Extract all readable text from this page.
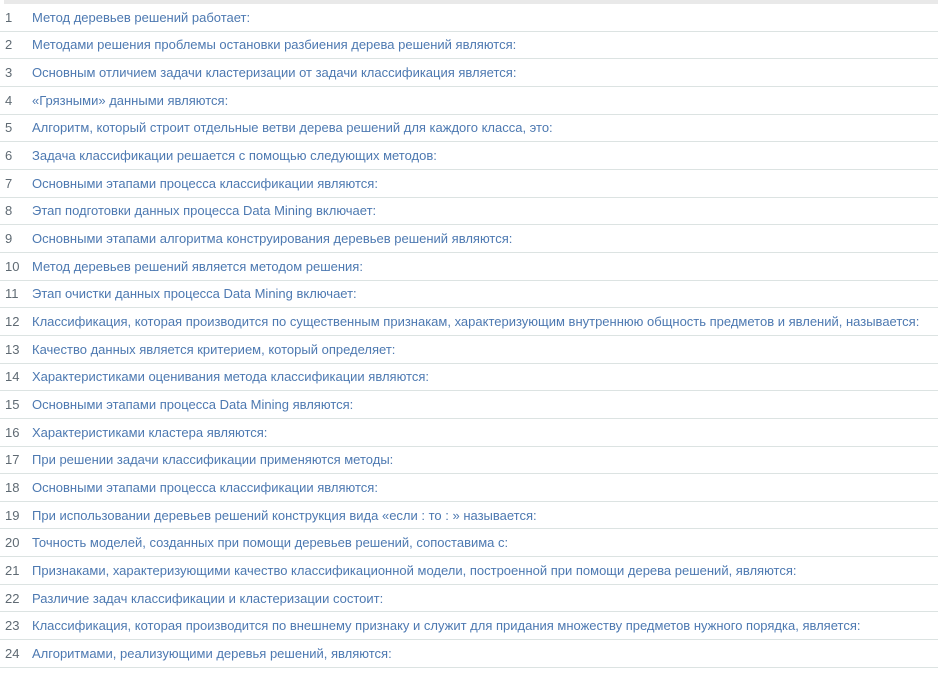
1	Метод деревьев решений работает:
2	Методами решения проблемы остановки разбиения дерева решений являются:
3	Основным отличием задачи кластеризации от задачи классификация является:
4	«Грязными» данными являются:
5	Алгоритм, который строит отдельные ветви дерева решений для каждого класса, это:
6	Задача классификации решается с помощью следующих методов:
7	Основными этапами процесса классификации являются:
8	Этап подготовки данных процесса Data Mining включает:
9	Основными этапами алгоритма конструирования деревьев решений являются:
10 Метод деревьев решений является методом решения:
11	Этап очистки данных процесса Data Mining включает:
12 Классификация, которая производится по существенным признакам, характеризующим внутреннюю общность предметов и явлений, называется:
13 Качество данных является критерием, который определяет:
14 Характеристиками оценивания метода классификации являются:
15 Основными этапами процесса Data Mining являются:
16 Характеристиками кластера являются:
17 При решении задачи классификации применяются методы:
18 Основными этапами процесса классификации являются:
19 При использовании деревьев решений конструкция вида «если : то : » называется:
20 Точность моделей, созданных при помощи деревьев решений, сопоставима с:
21 Признаками, характеризующими качество классификационной модели, построенной при помощи дерева решений, являются:
22 Различие задач классификации и кластеризации состоит:
23 Классификация, которая производится по внешнему признаку и служит для придания множеству предметов нужного порядка, является:
24 Алгоритмами, реализующими деревья решений, являются:
